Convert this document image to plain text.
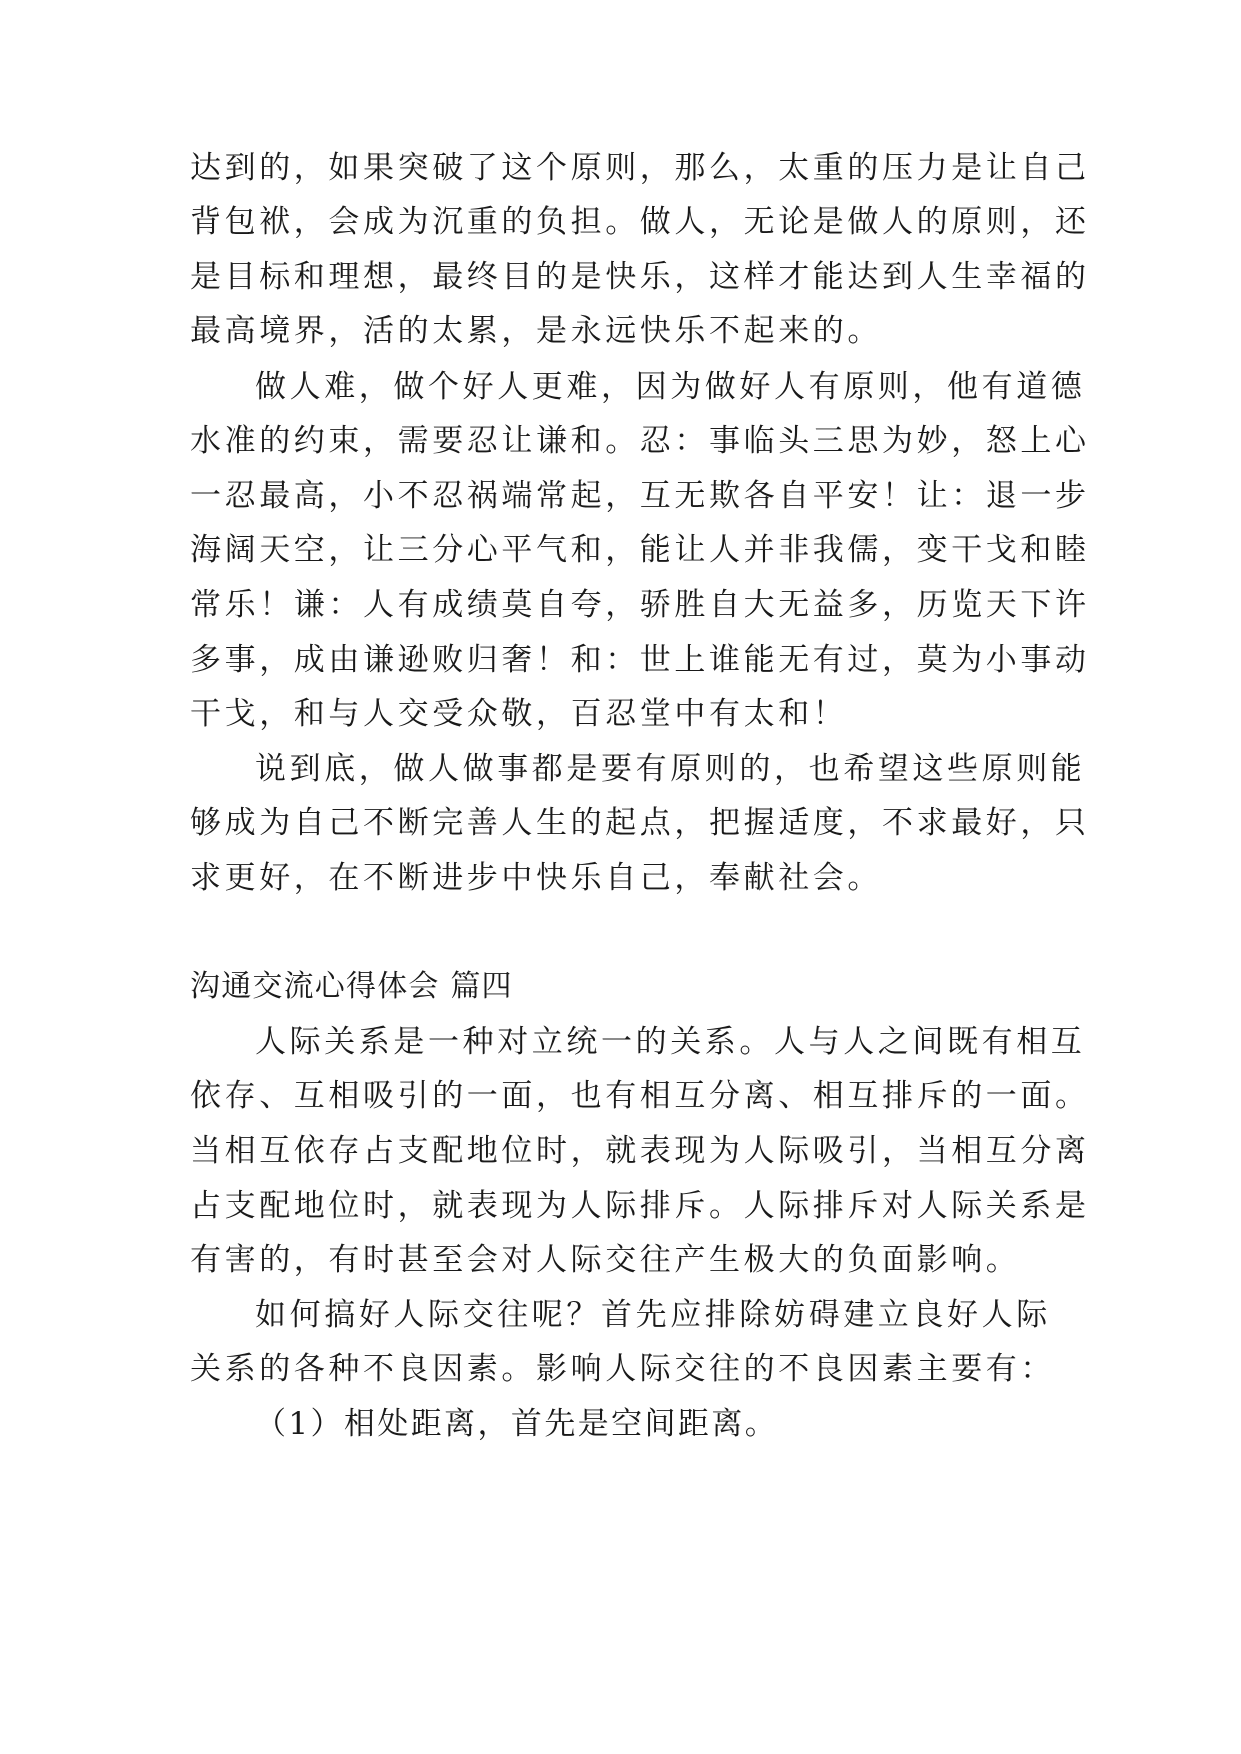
达到的，如果突破了这个原则，那么，太重的压力是让自己
背包袱，会成为沉重的负担。做人，无论是做人的原则，还
是目标和理想，最终目的是快乐，这样才能达到人生幸福的
最高境界，活的太累，是永远快乐不起来的。
做人难，做个好人更难，因为做好人有原则，他有道德
水准的约束，需要忍让谦和。忍：事临头三思为妙，怒上心
一忍最高，小不忍祸端常起，互无欺各自平安！让：退一步
海阔天空，让三分心平气和，能让人并非我儒，变干戈和睦
常乐！谦：人有成绩莫自夸，骄胜自大无益多，历览天下许
多事，成由谦逊败归奢！和：世上谁能无有过，莫为小事动
干戈，和与人交受众敬，百忍堂中有太和！
说到底，做人做事都是要有原则的，也希望这些原则能
够成为自己不断完善人生的起点，把握适度，不求最好，只
求更好，在不断进步中快乐自己，奉献社会。
沟通交流心得体会 篇四
人际关系是一种对立统一的关系。人与人之间既有相互
依存、互相吸引的一面，也有相互分离、相互排斥的一面。
当相互依存占支配地位时，就表现为人际吸引，当相互分离
占支配地位时，就表现为人际排斥。人际排斥对人际关系是
有害的，有时甚至会对人际交往产生极大的负面影响。
如何搞好人际交往呢？首先应排除妨碍建立良好人际
关系的各种不良因素。影响人际交往的不良因素主要有：
（1）相处距离，首先是空间距离。
